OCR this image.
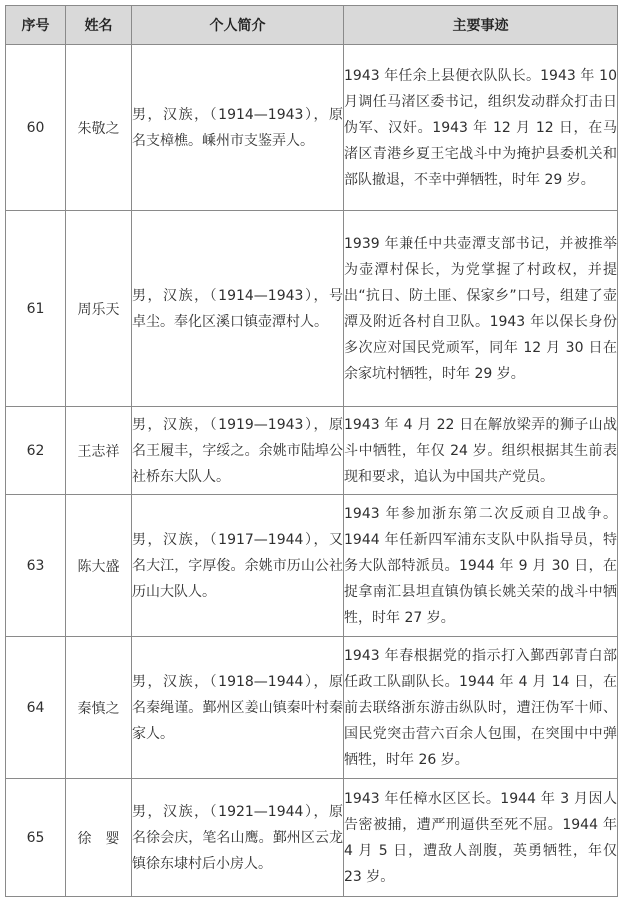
序号	姓名	个人简介	主要事迹
60	朱敬之	男，汉族，（1914—1943），原名支樟樵。嵊州市支鉴弄人。	1943 年任余上县便衣队队长。1943 年 10 月调任马渚区委书记，组织发动群众打击日伪军、汉奸。1943 年 12 月 12 日，在马渚区青港乡夏王宅战斗中为掩护县委机关和部队撤退，不幸中弹牺牲，时年 29 岁。
61	周乐天	男，汉族，（1914—1943），号卓尘。奉化区溪口镇壶潭村人。	1939 年兼任中共壶潭支部书记，并被推举为壶潭村保长，为党掌握了村政权，并提出“抗日、防土匪、保家乡”口号，组建了壶潭及附近各村自卫队。1943 年以保长身份多次应对国民党顽军，同年 12 月 30 日在余家坑村牺牲，时年 29 岁。
62	王志祥	男，汉族，（1919—1943），原名王履丰，字绥之。余姚市陆埠公社桥东大队人。	1943 年 4 月 22 日在解放梁弄的狮子山战斗中牺牲，年仅 24 岁。组织根据其生前表现和要求，追认为中国共产党员。
63	陈大盛	男，汉族，（1917—1944），又名大江，字厚俊。余姚市历山公社历山大队人。	1943 年参加浙东第二次反顽自卫战争。1944 年任新四军浦东支队中队指导员，特务大队部特派员。1944 年 9 月 30 日，在捉拿南汇县坦直镇伪镇长姚关荣的战斗中牺牲，时年 27 岁。
64	秦慎之	男，汉族，（1918—1944），原名秦绳谨。鄞州区姜山镇秦叶村秦家人。	1943 年春根据党的指示打入鄞西郭青白部任政工队副队长。1944 年 4 月 14 日，在前去联络浙东游击纵队时，遭汪伪军十师、国民党突击营六百余人包围，在突围中中弹牺牲，时年 26 岁。
65	徐　婴	男，汉族，（1921—1944），原名徐会庆，笔名山鹰。鄞州区云龙镇徐东埭村后小房人。	1943 年任樟水区区长。1944 年 3 月因人告密被捕，遭严刑逼供至死不屈。1944 年 4 月 5 日，遭敌人剖腹，英勇牺牲，年仅 23 岁。
